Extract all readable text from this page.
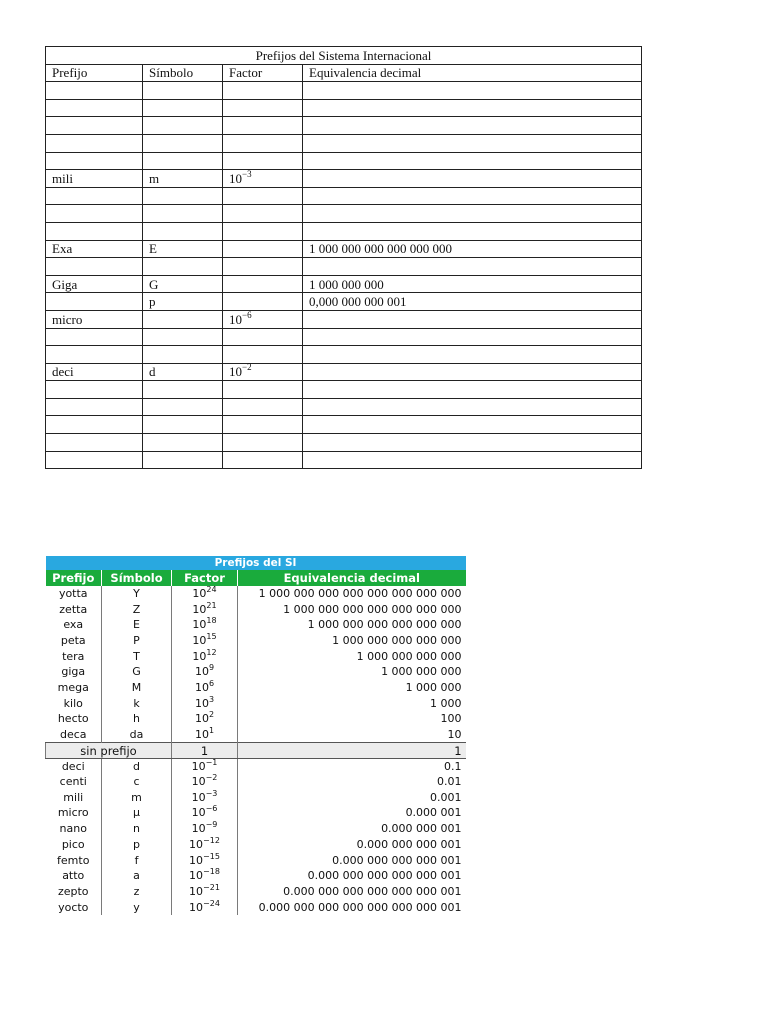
Prefijos del Sistema Internacional			
Prefijo	Símbolo	Factor	Equivalencia decimal

mili	m	$10^{-3}$	

Exa	E		1 000 000 000 000 000 000

Giga	G		1 000 000 000
	p		0,000 000 000 001
micro		$10^{-6}$	

deci	d	$10^{-2}$	

Prefijos del SI			
Prefijo	Símbolo	Factor	Equivalencia decimal
yotta	Y	$10^{24}$	1 000 000 000 000 000 000 000 000
zetta	Z	$10^{21}$	1 000 000 000 000 000 000 000
exa	E	$10^{18}$	1 000 000 000 000 000 000
peta	P	$10^{15}$	1 000 000 000 000 000
tera	T	$10^{12}$	1 000 000 000 000
giga	G	$10^9$	1 000 000 000
mega	M	$10^6$	1 000 000
kilo	k	$10^3$	1 000
hecto	h	$10^2$	100
deca	da	$10^1$	10
sin prefijo		1	1
deci	d	$10^{-1}$	0.1
centi	c	$10^{-2}$	0.01
mili	m	$10^{-3}$	0.001
micro	µ	$10^{-6}$	0.000 001
nano	n	$10^{-9}$	0.000 000 001
pico	p	$10^{-12}$	0.000 000 000 001
femto	f	$10^{-15}$	0.000 000 000 000 001
atto	a	$10^{-18}$	0.000 000 000 000 000 001
zepto	z	$10^{-21}$	0.000 000 000 000 000 000 001
yocto	y	$10^{-24}$	0.000 000 000 000 000 000 000 001
